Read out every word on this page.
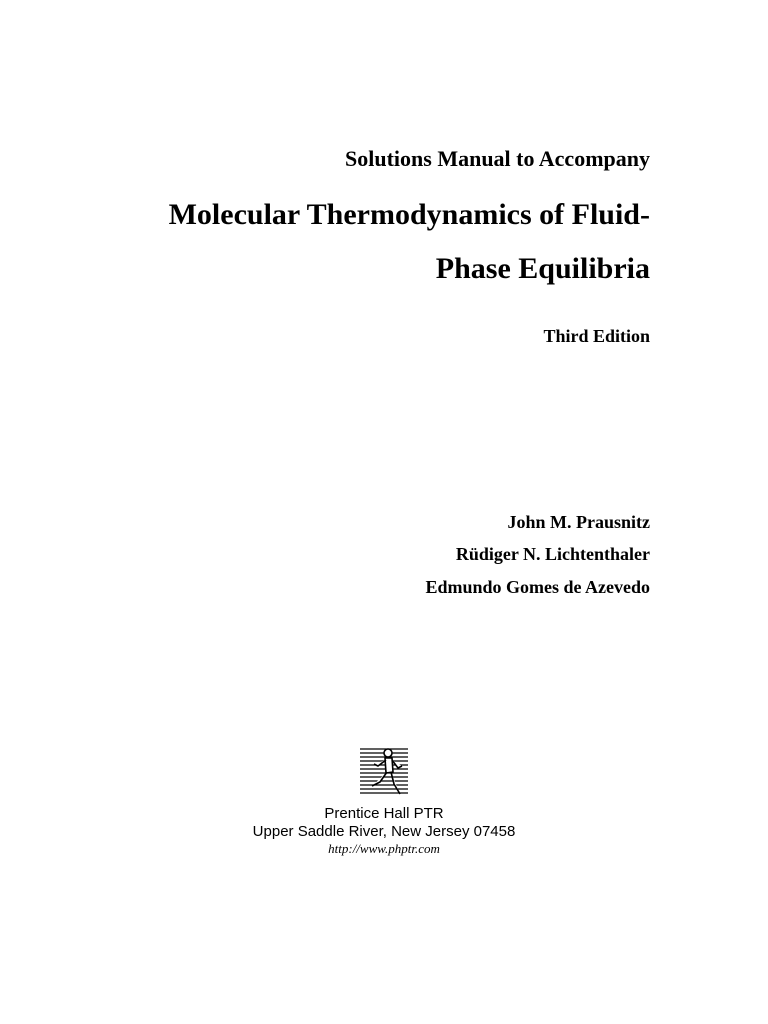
Solutions Manual to Accompany
Molecular Thermodynamics of Fluid-
Phase Equilibria
Third Edition
John M. Prausnitz
Rüdiger N. Lichtenthaler
Edmundo Gomes de Azevedo
Prentice Hall PTR
Upper Saddle River, New Jersey 07458
http://www.phptr.com
